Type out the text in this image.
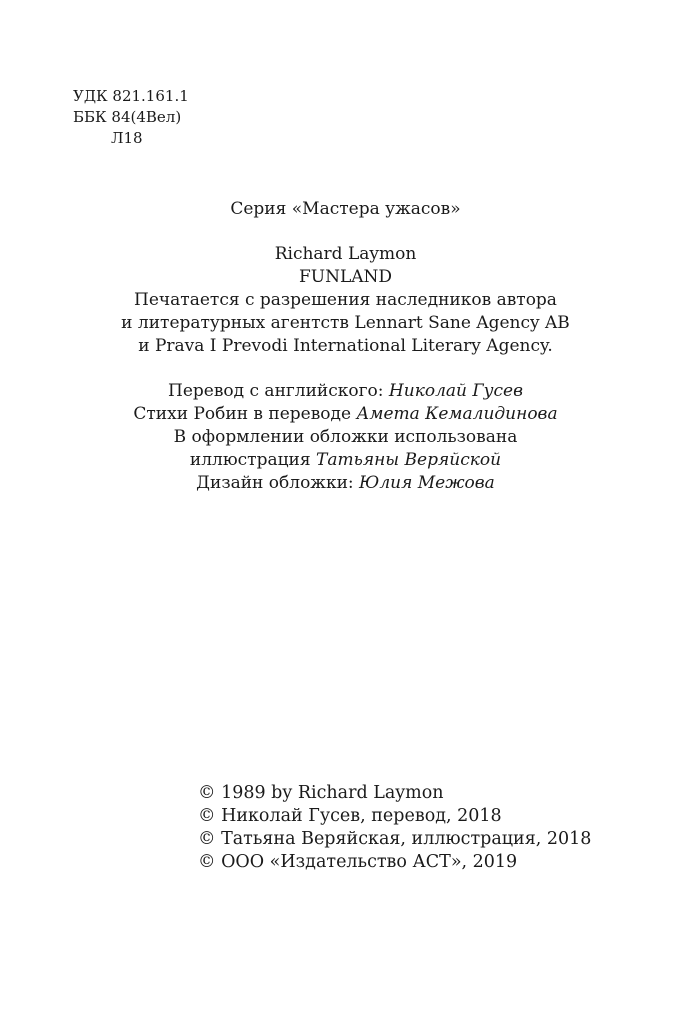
УДК 821.161.1
ББК 84(4Вел)
Л18
Серия «Мастера ужасов»
Richard Laymon
FUNLAND
Печатается с разрешения наследников автора
и литературных агентств Lennart Sane Agency AB
и Prava I Prevodi International Literary Agency.
Перевод с английского: Николай Гусев
Стихи Робин в переводе Амета Кемалидинова
В оформлении обложки использована
иллюстрация Татьяны Веряйской
Дизайн обложки: Юлия Межова
© 1989 by Richard Laymon
© Николай Гусев, перевод, 2018
© Татьяна Веряйская, иллюстрация, 2018
© ООО «Издательство АСТ», 2019
